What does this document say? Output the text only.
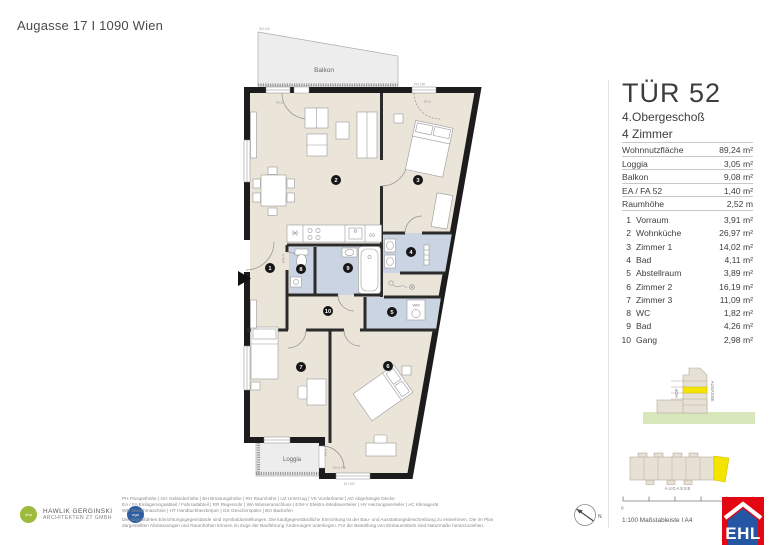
Augasse 17 I 1090 Wien
Balkon
GH 110
Loggia
GS
WM
1
2	3
4
5
6
7
8	9
10
PH 0
FIX 190
PH 0
PH 0
PH 0 FIX
DH 102
E/M-V
TÜR 52
4.Obergeschoß
4 Zimmer
Wohnnutzfläche	89,24 m²
Loggia	3,05 m²
Balkon	9,08 m²
EA / FA 52	1,40 m²
Raumhöhe	2,52 m
1 Vorraum	3,91 m²
2 Wohnküche	26,97 m²
3 Zimmer 1	14,02 m²
4 Bad	4,11 m²
5 Abstellraum	3,89 m²
6 Zimmer 2	16,19 m²
7 Zimmer 3	11,09 m²
8 WC	1,82 m²
9 Bad	4,26 m²
10 Gang	2,98 m²
HOF	AUGASSE
AUGASSE
0
1:100 Maßstableiste I A4
N
EHL
dha	HAWLIK GERGINSKI
ARCHITEKTEN ZT GMBH
ega
PH Parapethöhe | GH Geländerhöhe | BH Brüstungshöhe | RH Raumhöhe | UZ Unterzug | VK Vorderkante | AD Abgehängte Decke
EA / FA Einlagerungsabteil / Fahrradabteil | RR Regenrohr | WA Wasseranschluss | E/M-V Elektro-/Mediaverteiler | HV Heizungsverteiler | AC Klimagerät
WM Waschmaschine | HT Handtuchheizkörper | GS Geschirrspüler | BO Backofen
Die abgebildeten Einrichtungsgegenstände sind Symboldarstellungen. Die kaufgegenständliche Einrichtung ist der Bau- und Ausstattungsbeschreibung zu entnehmen. Die im Plan
dargestellten Abmessungen und Raumhöhen können im Zuge der Bauführung Änderungen unterliegen. Für die Bestellung von Einbaumöbeln sind Naturmaße heranzuziehen.
